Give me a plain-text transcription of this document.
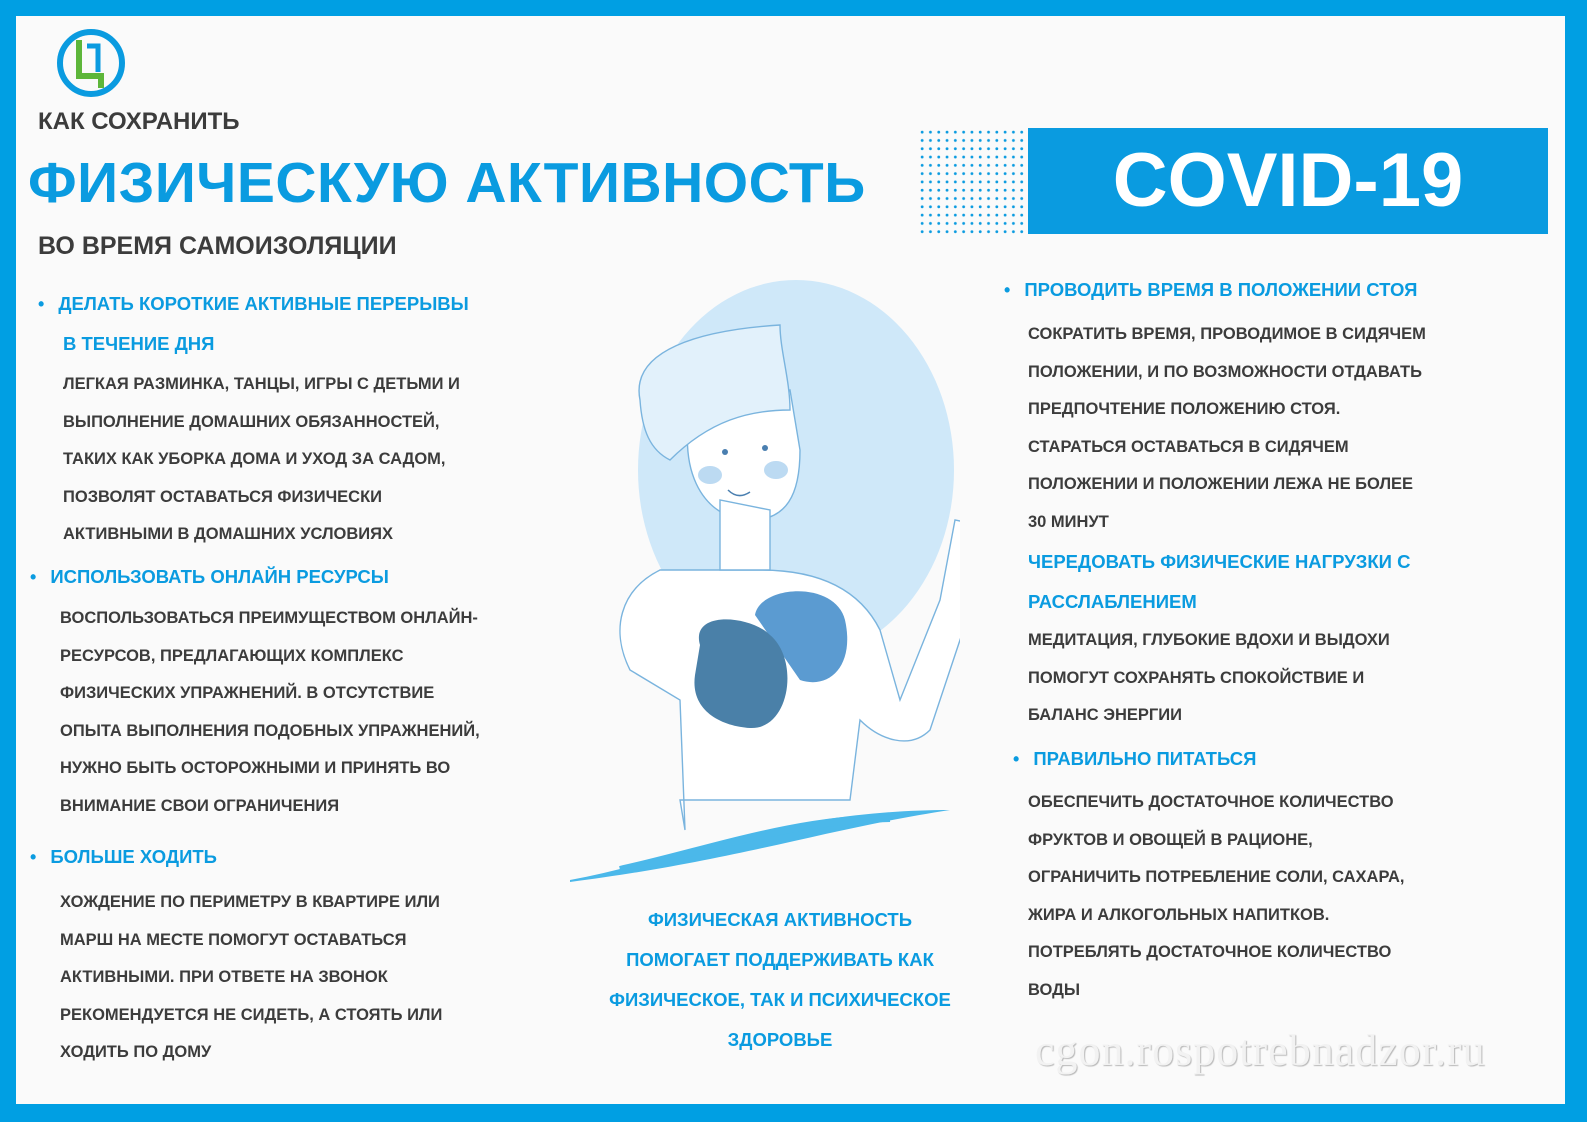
КАК СОХРАНИТЬ
ФИЗИЧЕСКУЮ АКТИВНОСТЬ
ВО ВРЕМЯ САМОИЗОЛЯЦИИ
COVID-19
• ДЕЛАТЬ КОРОТКИЕ АКТИВНЫЕ ПЕРЕРЫВЫ
В ТЕЧЕНИЕ ДНЯ
ЛЕГКАЯ РАЗМИНКА, ТАНЦЫ, ИГРЫ С ДЕТЬМИ И
ВЫПОЛНЕНИЕ ДОМАШНИХ ОБЯЗАННОСТЕЙ,
ТАКИХ КАК УБОРКА ДОМА И УХОД ЗА САДОМ,
ПОЗВОЛЯТ ОСТАВАТЬСЯ ФИЗИЧЕСКИ
АКТИВНЫМИ В ДОМАШНИХ УСЛОВИЯХ
• ИСПОЛЬЗОВАТЬ ОНЛАЙН РЕСУРСЫ
ВОСПОЛЬЗОВАТЬСЯ ПРЕИМУЩЕСТВОМ ОНЛАЙН-
РЕСУРСОВ, ПРЕДЛАГАЮЩИХ КОМПЛЕКС
ФИЗИЧЕСКИХ УПРАЖНЕНИЙ. В ОТСУТСТВИЕ
ОПЫТА ВЫПОЛНЕНИЯ ПОДОБНЫХ УПРАЖНЕНИЙ,
НУЖНО БЫТЬ ОСТОРОЖНЫМИ И ПРИНЯТЬ ВО
ВНИМАНИЕ СВОИ ОГРАНИЧЕНИЯ
• БОЛЬШЕ ХОДИТЬ
ХОЖДЕНИЕ ПО ПЕРИМЕТРУ В КВАРТИРЕ ИЛИ
МАРШ НА МЕСТЕ ПОМОГУТ ОСТАВАТЬСЯ
АКТИВНЫМИ. ПРИ ОТВЕТЕ НА ЗВОНОК
РЕКОМЕНДУЕТСЯ НЕ СИДЕТЬ, А СТОЯТЬ ИЛИ
ХОДИТЬ ПО ДОМУ
ФИЗИЧЕСКАЯ АКТИВНОСТЬ
ПОМОГАЕТ ПОДДЕРЖИВАТЬ КАК
ФИЗИЧЕСКОЕ, ТАК И ПСИХИЧЕСКОЕ
ЗДОРОВЬЕ
• ПРОВОДИТЬ ВРЕМЯ В ПОЛОЖЕНИИ СТОЯ
СОКРАТИТЬ ВРЕМЯ, ПРОВОДИМОЕ В СИДЯЧЕМ
ПОЛОЖЕНИИ, И ПО ВОЗМОЖНОСТИ ОТДАВАТЬ
ПРЕДПОЧТЕНИЕ ПОЛОЖЕНИЮ СТОЯ.
СТАРАТЬСЯ ОСТАВАТЬСЯ В СИДЯЧЕМ
ПОЛОЖЕНИИ И ПОЛОЖЕНИИ ЛЕЖА НЕ БОЛЕЕ
30 МИНУТ
ЧЕРЕДОВАТЬ ФИЗИЧЕСКИЕ НАГРУЗКИ С
РАССЛАБЛЕНИЕМ
МЕДИТАЦИЯ, ГЛУБОКИЕ ВДОХИ И ВЫДОХИ
ПОМОГУТ СОХРАНЯТЬ СПОКОЙСТВИЕ И
БАЛАНС ЭНЕРГИИ
• ПРАВИЛЬНО ПИТАТЬСЯ
ОБЕСПЕЧИТЬ ДОСТАТОЧНОЕ КОЛИЧЕСТВО
ФРУКТОВ И ОВОЩЕЙ В РАЦИОНЕ,
ОГРАНИЧИТЬ ПОТРЕБЛЕНИЕ СОЛИ, САХАРА,
ЖИРА И АЛКОГОЛЬНЫХ НАПИТКОВ.
ПОТРЕБЛЯТЬ ДОСТАТОЧНОЕ КОЛИЧЕСТВО
ВОДЫ
cgon.rospotrebnadzor.ru
